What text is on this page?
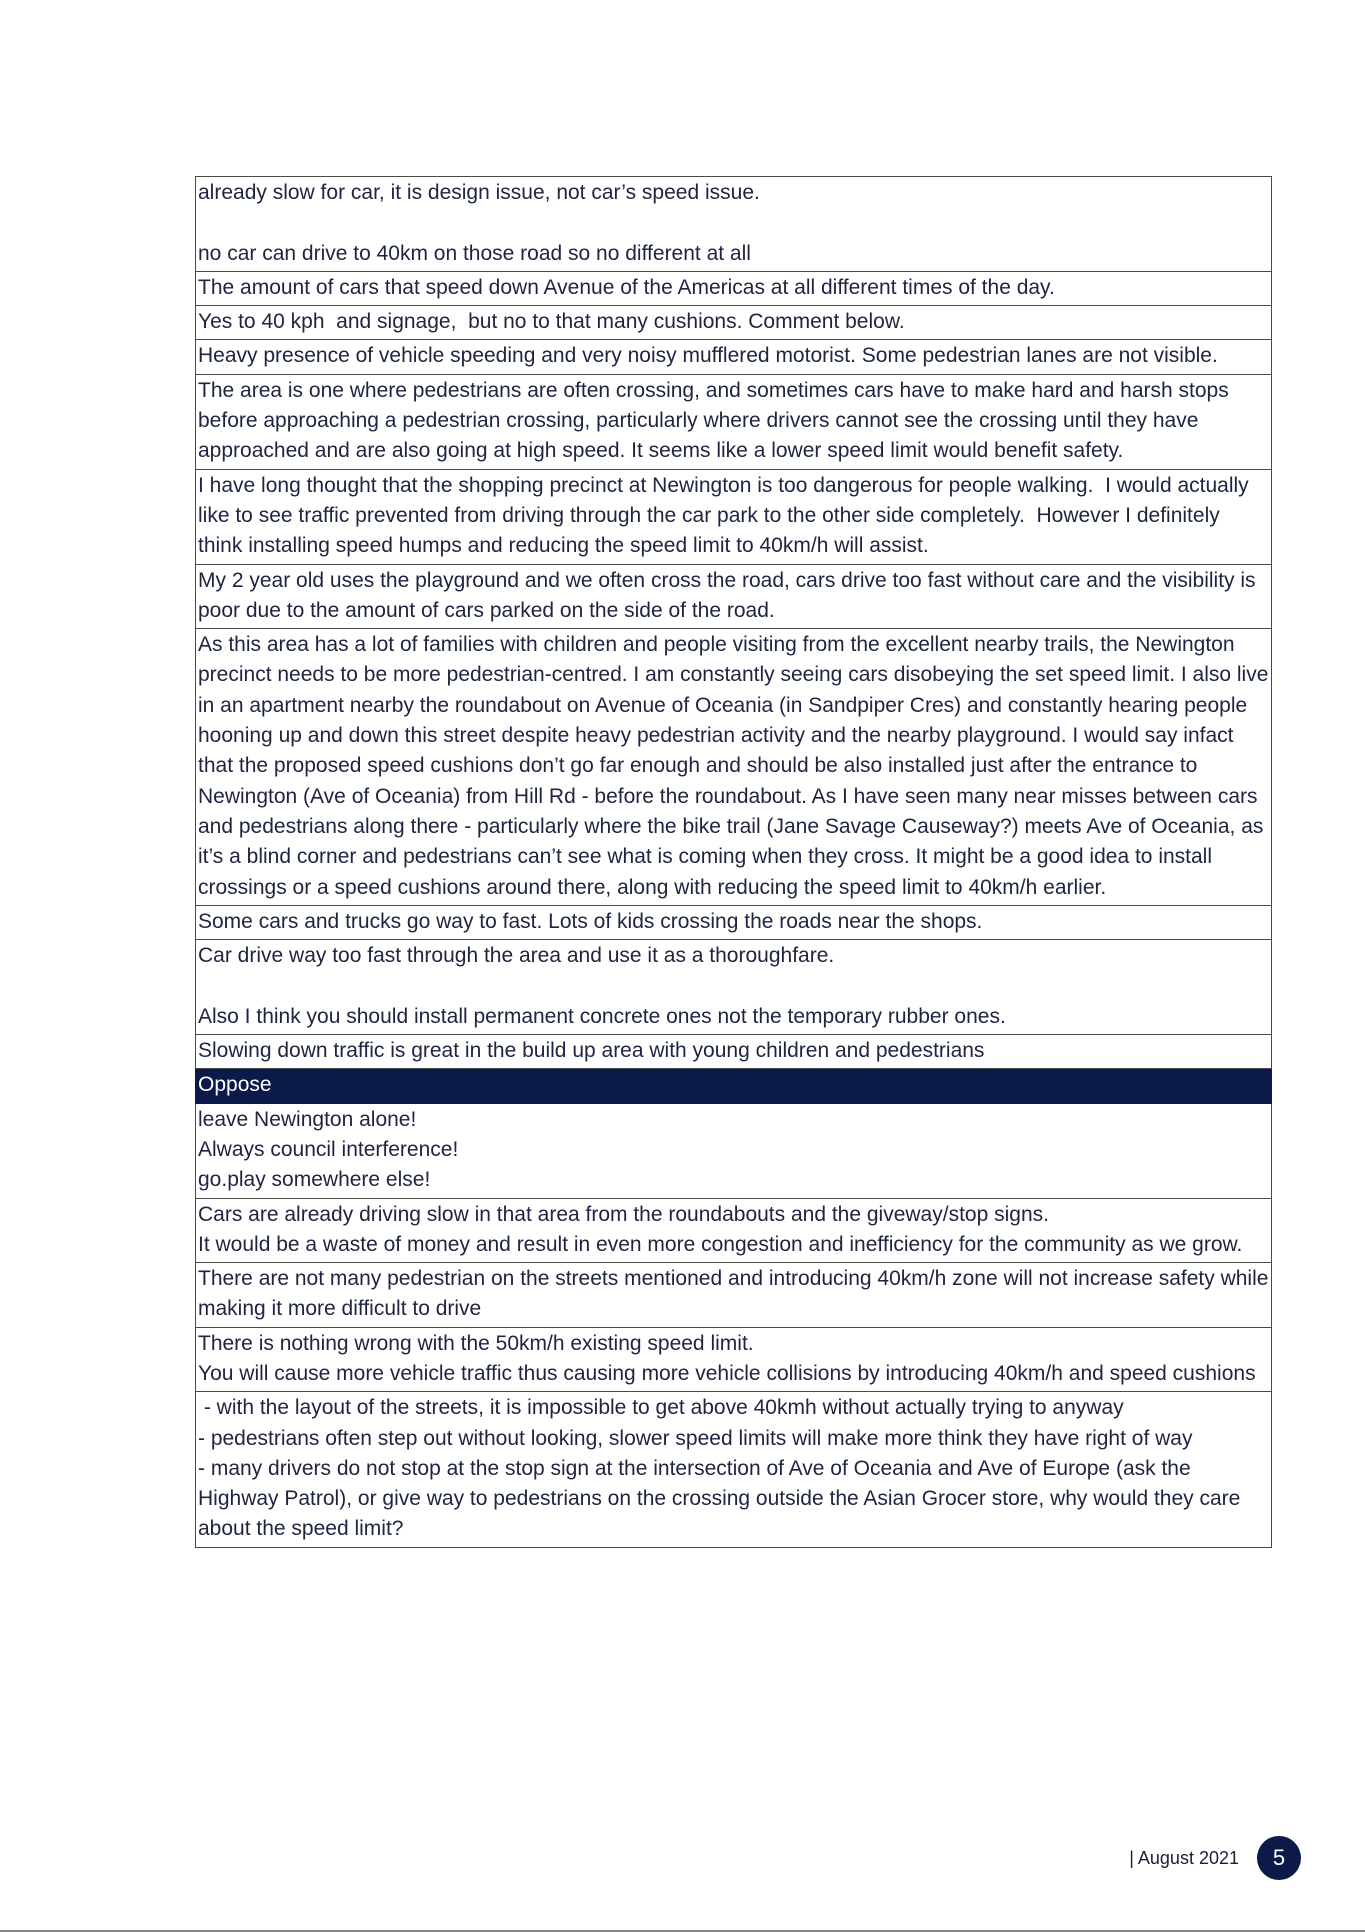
already slow for car, it is design issue, not car’s speed issue.

no car can drive to 40km on those road so no different at all
The amount of cars that speed down Avenue of the Americas at all different times of the day.
Yes to 40 kph  and signage,  but no to that many cushions. Comment below.
Heavy presence of vehicle speeding and very noisy mufflered motorist. Some pedestrian lanes are not visible.
The area is one where pedestrians are often crossing, and sometimes cars have to make hard and harsh stops before approaching a pedestrian crossing, particularly where drivers cannot see the crossing until they have approached and are also going at high speed. It seems like a lower speed limit would benefit safety.
I have long thought that the shopping precinct at Newington is too dangerous for people walking.  I would actually like to see traffic prevented from driving through the car park to the other side completely.  However I definitely think installing speed humps and reducing the speed limit to 40km/h will assist.
My 2 year old uses the playground and we often cross the road, cars drive too fast without care and the visibility is poor due to the amount of cars parked on the side of the road.
As this area has a lot of families with children and people visiting from the excellent nearby trails, the Newington precinct needs to be more pedestrian-centred. I am constantly seeing cars disobeying the set speed limit. I also live in an apartment nearby the roundabout on Avenue of Oceania (in Sandpiper Cres) and constantly hearing people hooning up and down this street despite heavy pedestrian activity and the nearby playground. I would say infact that the proposed speed cushions don’t go far enough and should be also installed just after the entrance to Newington (Ave of Oceania) from Hill Rd - before the roundabout. As I have seen many near misses between cars and pedestrians along there - particularly where the bike trail (Jane Savage Causeway?) meets Ave of Oceania, as it’s a blind corner and pedestrians can’t see what is coming when they cross. It might be a good idea to install crossings or a speed cushions around there, along with reducing the speed limit to 40km/h earlier.
Some cars and trucks go way to fast. Lots of kids crossing the roads near the shops.
Car drive way too fast through the area and use it as a thoroughfare.

Also I think you should install permanent concrete ones not the temporary rubber ones.
Slowing down traffic is great in the build up area with young children and pedestrians
Oppose
leave Newington alone!
Always council interference!
go.play somewhere else!
Cars are already driving slow in that area from the roundabouts and the giveway/stop signs.
It would be a waste of money and result in even more congestion and inefficiency for the community as we grow.
There are not many pedestrian on the streets mentioned and introducing 40km/h zone will not increase safety while making it more difficult to drive
There is nothing wrong with the 50km/h existing speed limit.
You will cause more vehicle traffic thus causing more vehicle collisions by introducing 40km/h and speed cushions
- with the layout of the streets, it is impossible to get above 40kmh without actually trying to anyway
- pedestrians often step out without looking, slower speed limits will make more think they have right of way
- many drivers do not stop at the stop sign at the intersection of Ave of Oceania and Ave of Europe (ask the Highway Patrol), or give way to pedestrians on the crossing outside the Asian Grocer store, why would they care about the speed limit?
| August 2021	5
